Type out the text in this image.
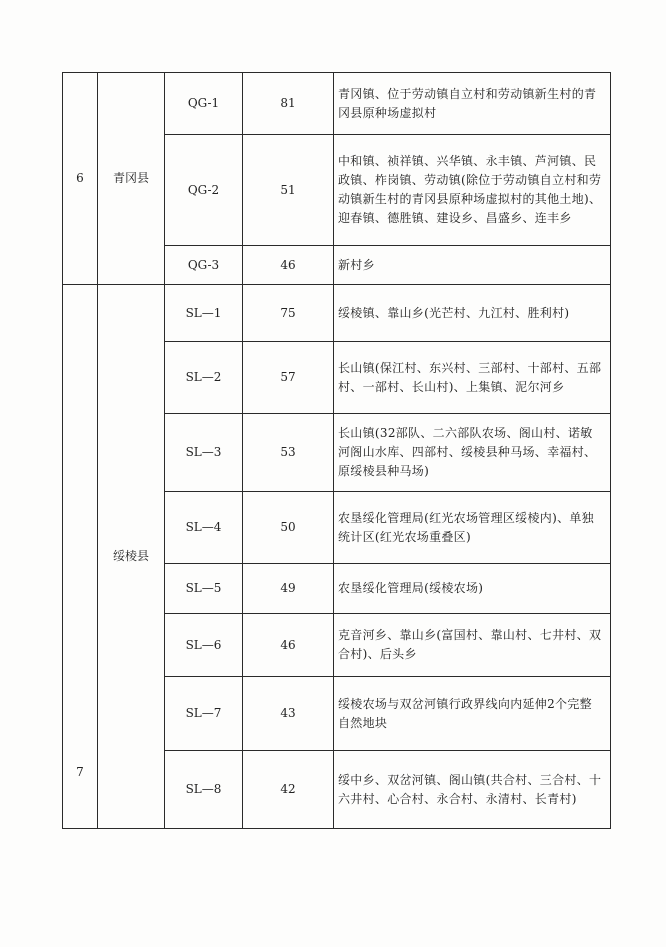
6	青冈县	QG-1	81	青冈镇、位于劳动镇自立村和劳动镇新生村的青冈县原种场虚拟村
		QG-2	51	中和镇、祯祥镇、兴华镇、永丰镇、芦河镇、民政镇、柞岗镇、劳动镇(除位于劳动镇自立村和劳动镇新生村的青冈县原种场虚拟村的其他土地)、迎春镇、德胜镇、建设乡、昌盛乡、连丰乡
		QG-3	46	新村乡
7	绥棱县	SL—1	75	绥棱镇、靠山乡(光芒村、九江村、胜利村)
		SL—2	57	长山镇(保江村、东兴村、三部村、十部村、五部村、一部村、长山村)、上集镇、泥尔河乡
		SL—3	53	长山镇(32部队、二六部队农场、阁山村、诺敏河阁山水库、四部村、绥棱县种马场、幸福村、原绥棱县种马场)
		SL—4	50	农垦绥化管理局(红光农场管理区绥棱内)、单独统计区(红光农场重叠区)
		SL—5	49	农垦绥化管理局(绥棱农场)
		SL—6	46	克音河乡、靠山乡(富国村、靠山村、七井村、双合村)、后头乡
		SL—7	43	绥棱农场与双岔河镇行政界线向内延伸2个完整自然地块
		SL—8	42	绥中乡、双岔河镇、阁山镇(共合村、三合村、十六井村、心合村、永合村、永清村、长青村)
